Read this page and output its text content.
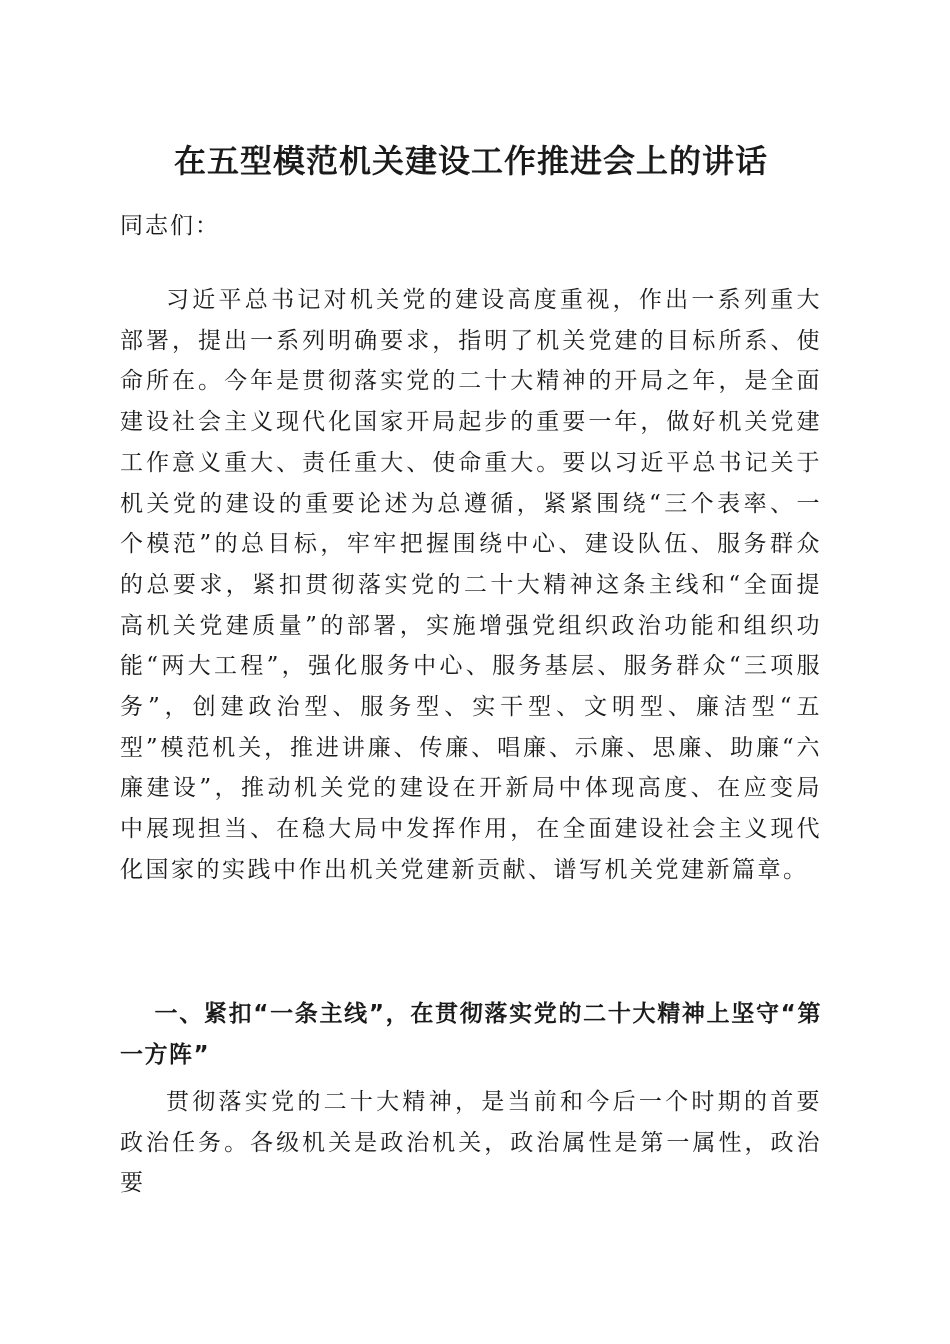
在五型模范机关建设工作推进会上的讲话

同志们：

习近平总书记对机关党的建设高度重视，作出一系列重大部署，提出一系列明确要求，指明了机关党建的目标所系、使命所在。今年是贯彻落实党的二十大精神的开局之年，是全面建设社会主义现代化国家开局起步的重要一年，做好机关党建工作意义重大、责任重大、使命重大。要以习近平总书记关于机关党的建设的重要论述为总遵循，紧紧围绕“三个表率、一个模范”的总目标，牢牢把握围绕中心、建设队伍、服务群众的总要求，紧扣贯彻落实党的二十大精神这条主线和“全面提高机关党建质量”的部署，实施增强党组织政治功能和组织功能“两大工程”，强化服务中心、服务基层、服务群众“三项服务”，创建政治型、服务型、实干型、文明型、廉洁型“五型”模范机关，推进讲廉、传廉、唱廉、示廉、思廉、助廉“六廉建设”，推动机关党的建设在开新局中体现高度、在应变局中展现担当、在稳大局中发挥作用，在全面建设社会主义现代化国家的实践中作出机关党建新贡献、谱写机关党建新篇章。

一、紧扣“一条主线”，在贯彻落实党的二十大精神上坚守“第一方阵”

贯彻落实党的二十大精神，是当前和今后一个时期的首要政治任务。各级机关是政治机关，政治属性是第一属性，政治要
